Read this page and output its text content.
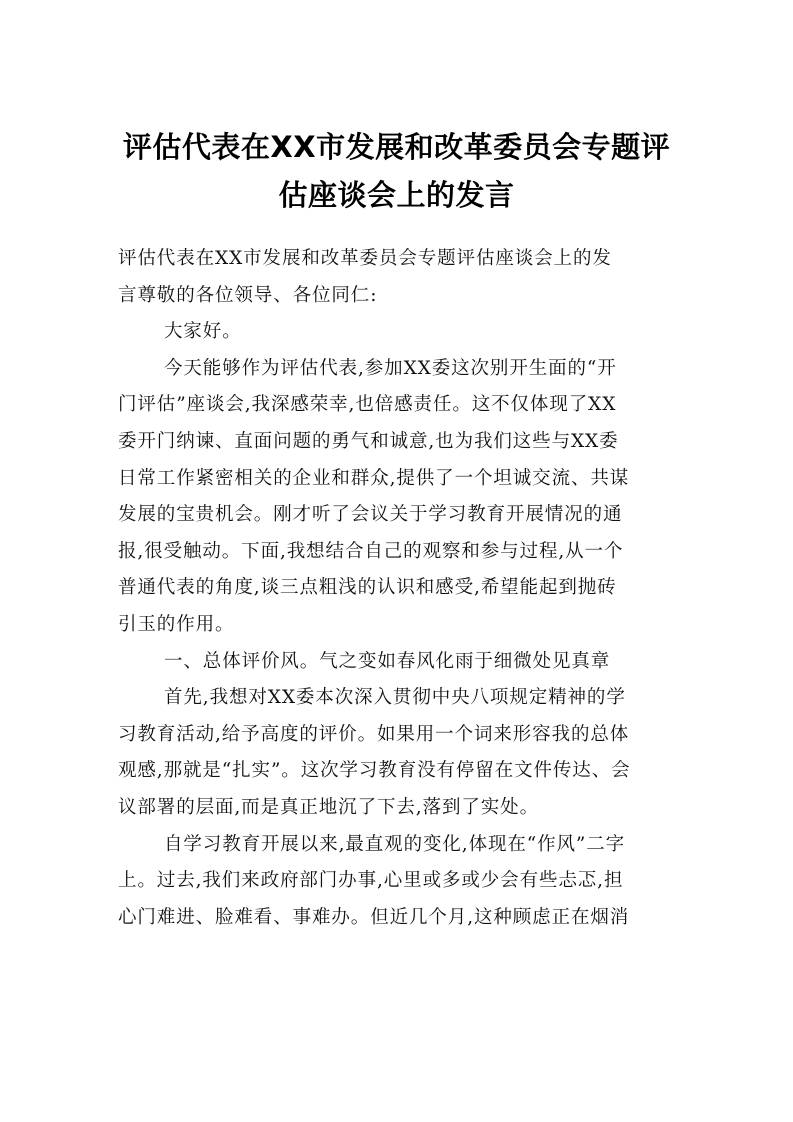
评估代表在XX市发展和改革委员会专题评
估座谈会上的发言
评估代表在XX市发展和改革委员会专题评估座谈会上的发
言尊敬的各位领导、各位同仁:
大家好。
今天能够作为评估代表,参加XX委这次别开生面的“开
门评估”座谈会,我深感荣幸,也倍感责任。这不仅体现了XX
委开门纳谏、直面问题的勇气和诚意,也为我们这些与XX委
日常工作紧密相关的企业和群众,提供了一个坦诚交流、共谋
发展的宝贵机会。刚才听了会议关于学习教育开展情况的通
报,很受触动。下面,我想结合自己的观察和参与过程,从一个
普通代表的角度,谈三点粗浅的认识和感受,希望能起到抛砖
引玉的作用。
一、总体评价风。气之变如春风化雨于细微处见真章
首先,我想对XX委本次深入贯彻中央八项规定精神的学
习教育活动,给予高度的评价。如果用一个词来形容我的总体
观感,那就是“扎实”。这次学习教育没有停留在文件传达、会
议部署的层面,而是真正地沉了下去,落到了实处。
自学习教育开展以来,最直观的变化,体现在“作风”二字
上。过去,我们来政府部门办事,心里或多或少会有些忐忑,担
心门难进、脸难看、事难办。但近几个月,这种顾虑正在烟消
